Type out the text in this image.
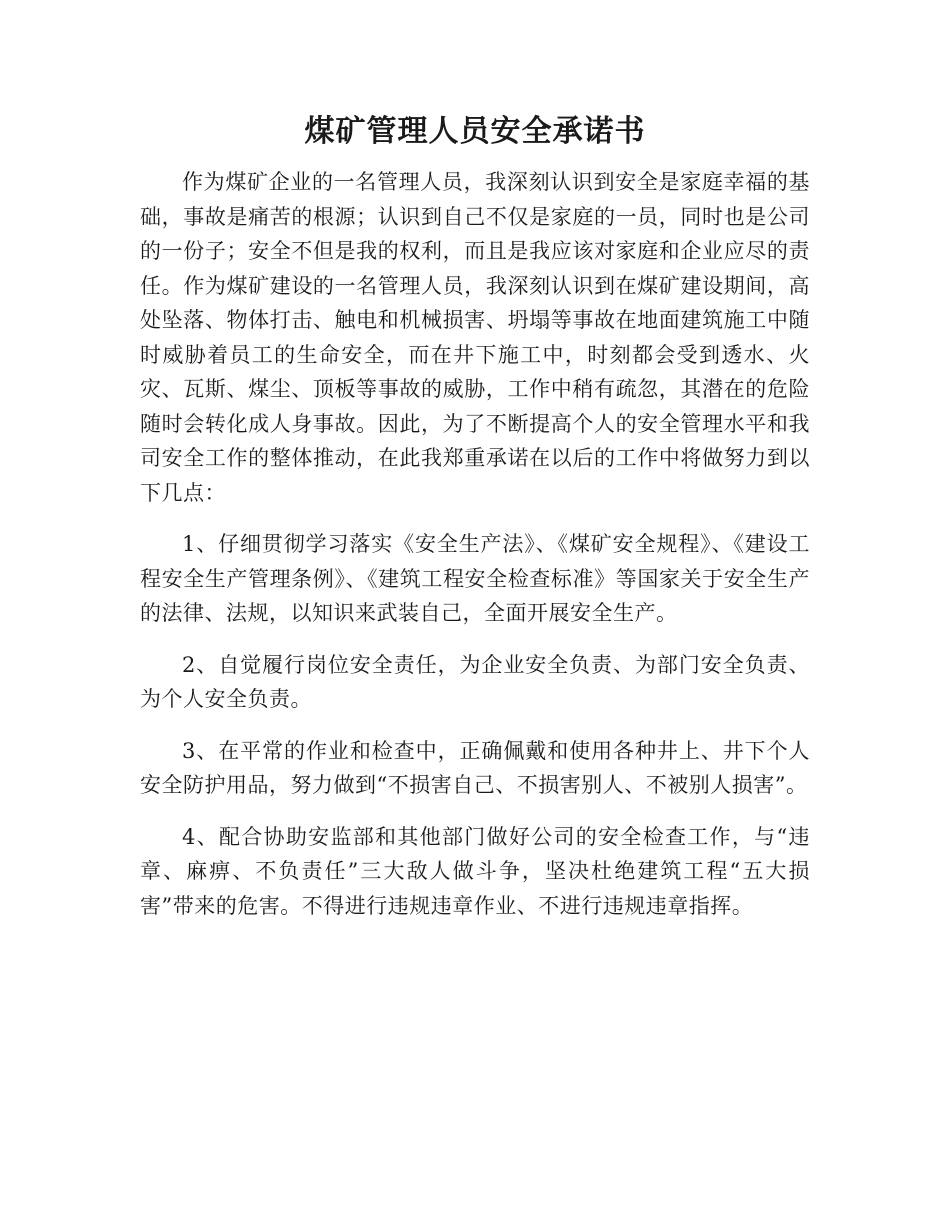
煤矿管理人员安全承诺书

作为煤矿企业的一名管理人员，我深刻认识到安全是家庭幸福的基础，事故是痛苦的根源；认识到自己不仅是家庭的一员，同时也是公司的一份子；安全不但是我的权利，而且是我应该对家庭和企业应尽的责任。作为煤矿建设的一名管理人员，我深刻认识到在煤矿建设期间，高处坠落、物体打击、触电和机械损害、坍塌等事故在地面建筑施工中随时威胁着员工的生命安全，而在井下施工中，时刻都会受到透水、火灾、瓦斯、煤尘、顶板等事故的威胁，工作中稍有疏忽，其潜在的危险随时会转化成人身事故。因此，为了不断提高个人的安全管理水平和我司安全工作的整体推动，在此我郑重承诺在以后的工作中将做努力到以下几点：

1、仔细贯彻学习落实《安全生产法》、《煤矿安全规程》、《建设工程安全生产管理条例》、《建筑工程安全检查标准》等国家关于安全生产的法律、法规，以知识来武装自己，全面开展安全生产。

2、自觉履行岗位安全责任，为企业安全负责、为部门安全负责、为个人安全负责。

3、在平常的作业和检查中，正确佩戴和使用各种井上、井下个人安全防护用品，努力做到“不损害自己、不损害别人、不被别人损害”。

4、配合协助安监部和其他部门做好公司的安全检查工作，与“违章、麻痹、不负责任”三大敌人做斗争，坚决杜绝建筑工程“五大损害”带来的危害。不得进行违规违章作业、不进行违规违章指挥。
